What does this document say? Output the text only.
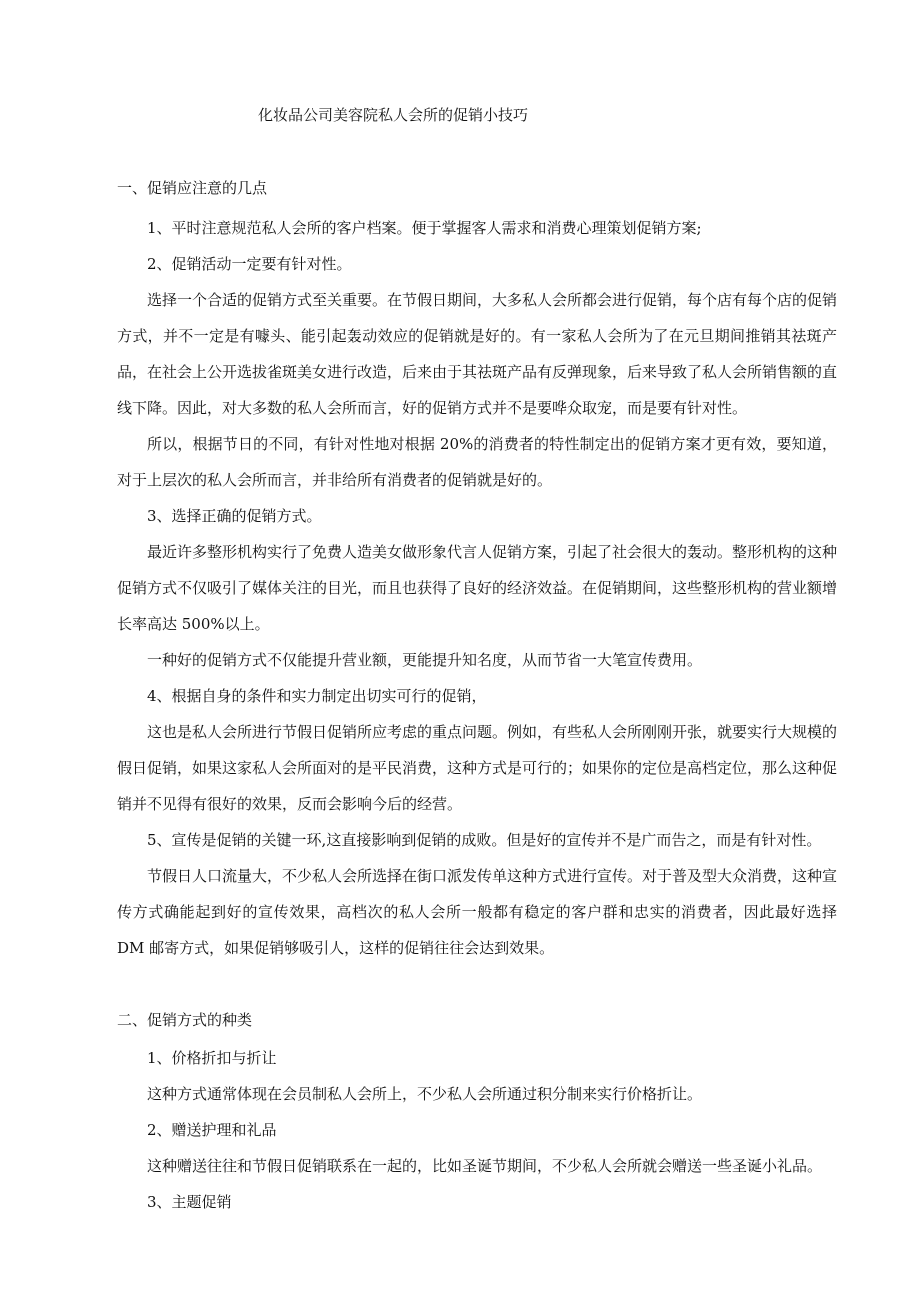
化妆品公司美容院私人会所的促销小技巧
一、促销应注意的几点
1、平时注意规范私人会所的客户档案。便于掌握客人需求和消费心理策划促销方案;
2、促销活动一定要有针对性。
选择一个合适的促销方式至关重要。在节假日期间，大多私人会所都会进行促销，每个店有每个店的促销方式，并不一定是有噱头、能引起轰动效应的促销就是好的。有一家私人会所为了在元旦期间推销其祛斑产品，在社会上公开选拔雀斑美女进行改造，后来由于其祛斑产品有反弹现象，后来导致了私人会所销售额的直线下降。因此，对大多数的私人会所而言，好的促销方式并不是要哗众取宠，而是要有针对性。
所以，根据节日的不同，有针对性地对根据 20%的消费者的特性制定出的促销方案才更有效，要知道，对于上层次的私人会所而言，并非给所有消费者的促销就是好的。
3、选择正确的促销方式。
最近许多整形机构实行了免费人造美女做形象代言人促销方案，引起了社会很大的轰动。整形机构的这种促销方式不仅吸引了媒体关注的目光，而且也获得了良好的经济效益。在促销期间，这些整形机构的营业额增长率高达 500%以上。
一种好的促销方式不仅能提升营业额，更能提升知名度，从而节省一大笔宣传费用。
4、根据自身的条件和实力制定出切实可行的促销，
这也是私人会所进行节假日促销所应考虑的重点问题。例如，有些私人会所刚刚开张，就要实行大规模的假日促销，如果这家私人会所面对的是平民消费，这种方式是可行的；如果你的定位是高档定位，那么这种促销并不见得有很好的效果，反而会影响今后的经营。
5、宣传是促销的关键一环,这直接影响到促销的成败。但是好的宣传并不是广而告之，而是有针对性。
节假日人口流量大，不少私人会所选择在街口派发传单这种方式进行宣传。对于普及型大众消费，这种宣传方式确能起到好的宣传效果，高档次的私人会所一般都有稳定的客户群和忠实的消费者，因此最好选择 DM 邮寄方式，如果促销够吸引人，这样的促销往往会达到效果。
二、促销方式的种类
1、价格折扣与折让
这种方式通常体现在会员制私人会所上，不少私人会所通过积分制来实行价格折让。
2、赠送护理和礼品
这种赠送往往和节假日促销联系在一起的，比如圣诞节期间，不少私人会所就会赠送一些圣诞小礼品。
3、主题促销
